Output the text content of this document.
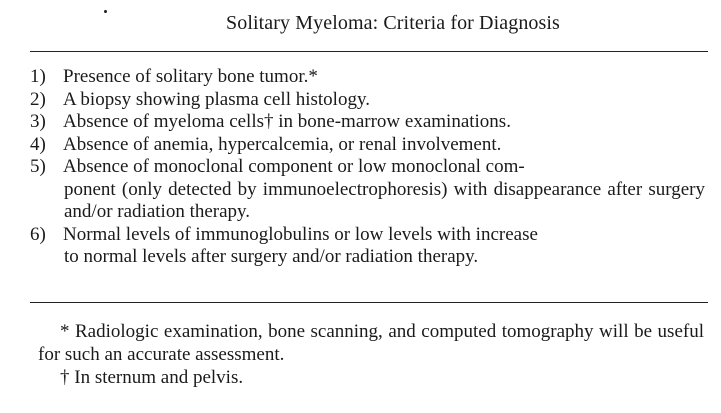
Solitary Myeloma: Criteria for Diagnosis
1) Presence of solitary bone tumor.*
2) A biopsy showing plasma cell histology.
3) Absence of myeloma cells† in bone-marrow examinations.
4) Absence of anemia, hypercalcemia, or renal involvement.
5) Absence of monoclonal component or low monoclonal com-
ponent (only detected by immunoelectrophoresis) with disappearance after surgery and/or radiation therapy.
6) Normal levels of immunoglobulins or low levels with increase
to normal levels after surgery and/or radiation therapy.
* Radiologic examination, bone scanning, and computed tomography will be useful for such an accurate assessment.
† In sternum and pelvis.
